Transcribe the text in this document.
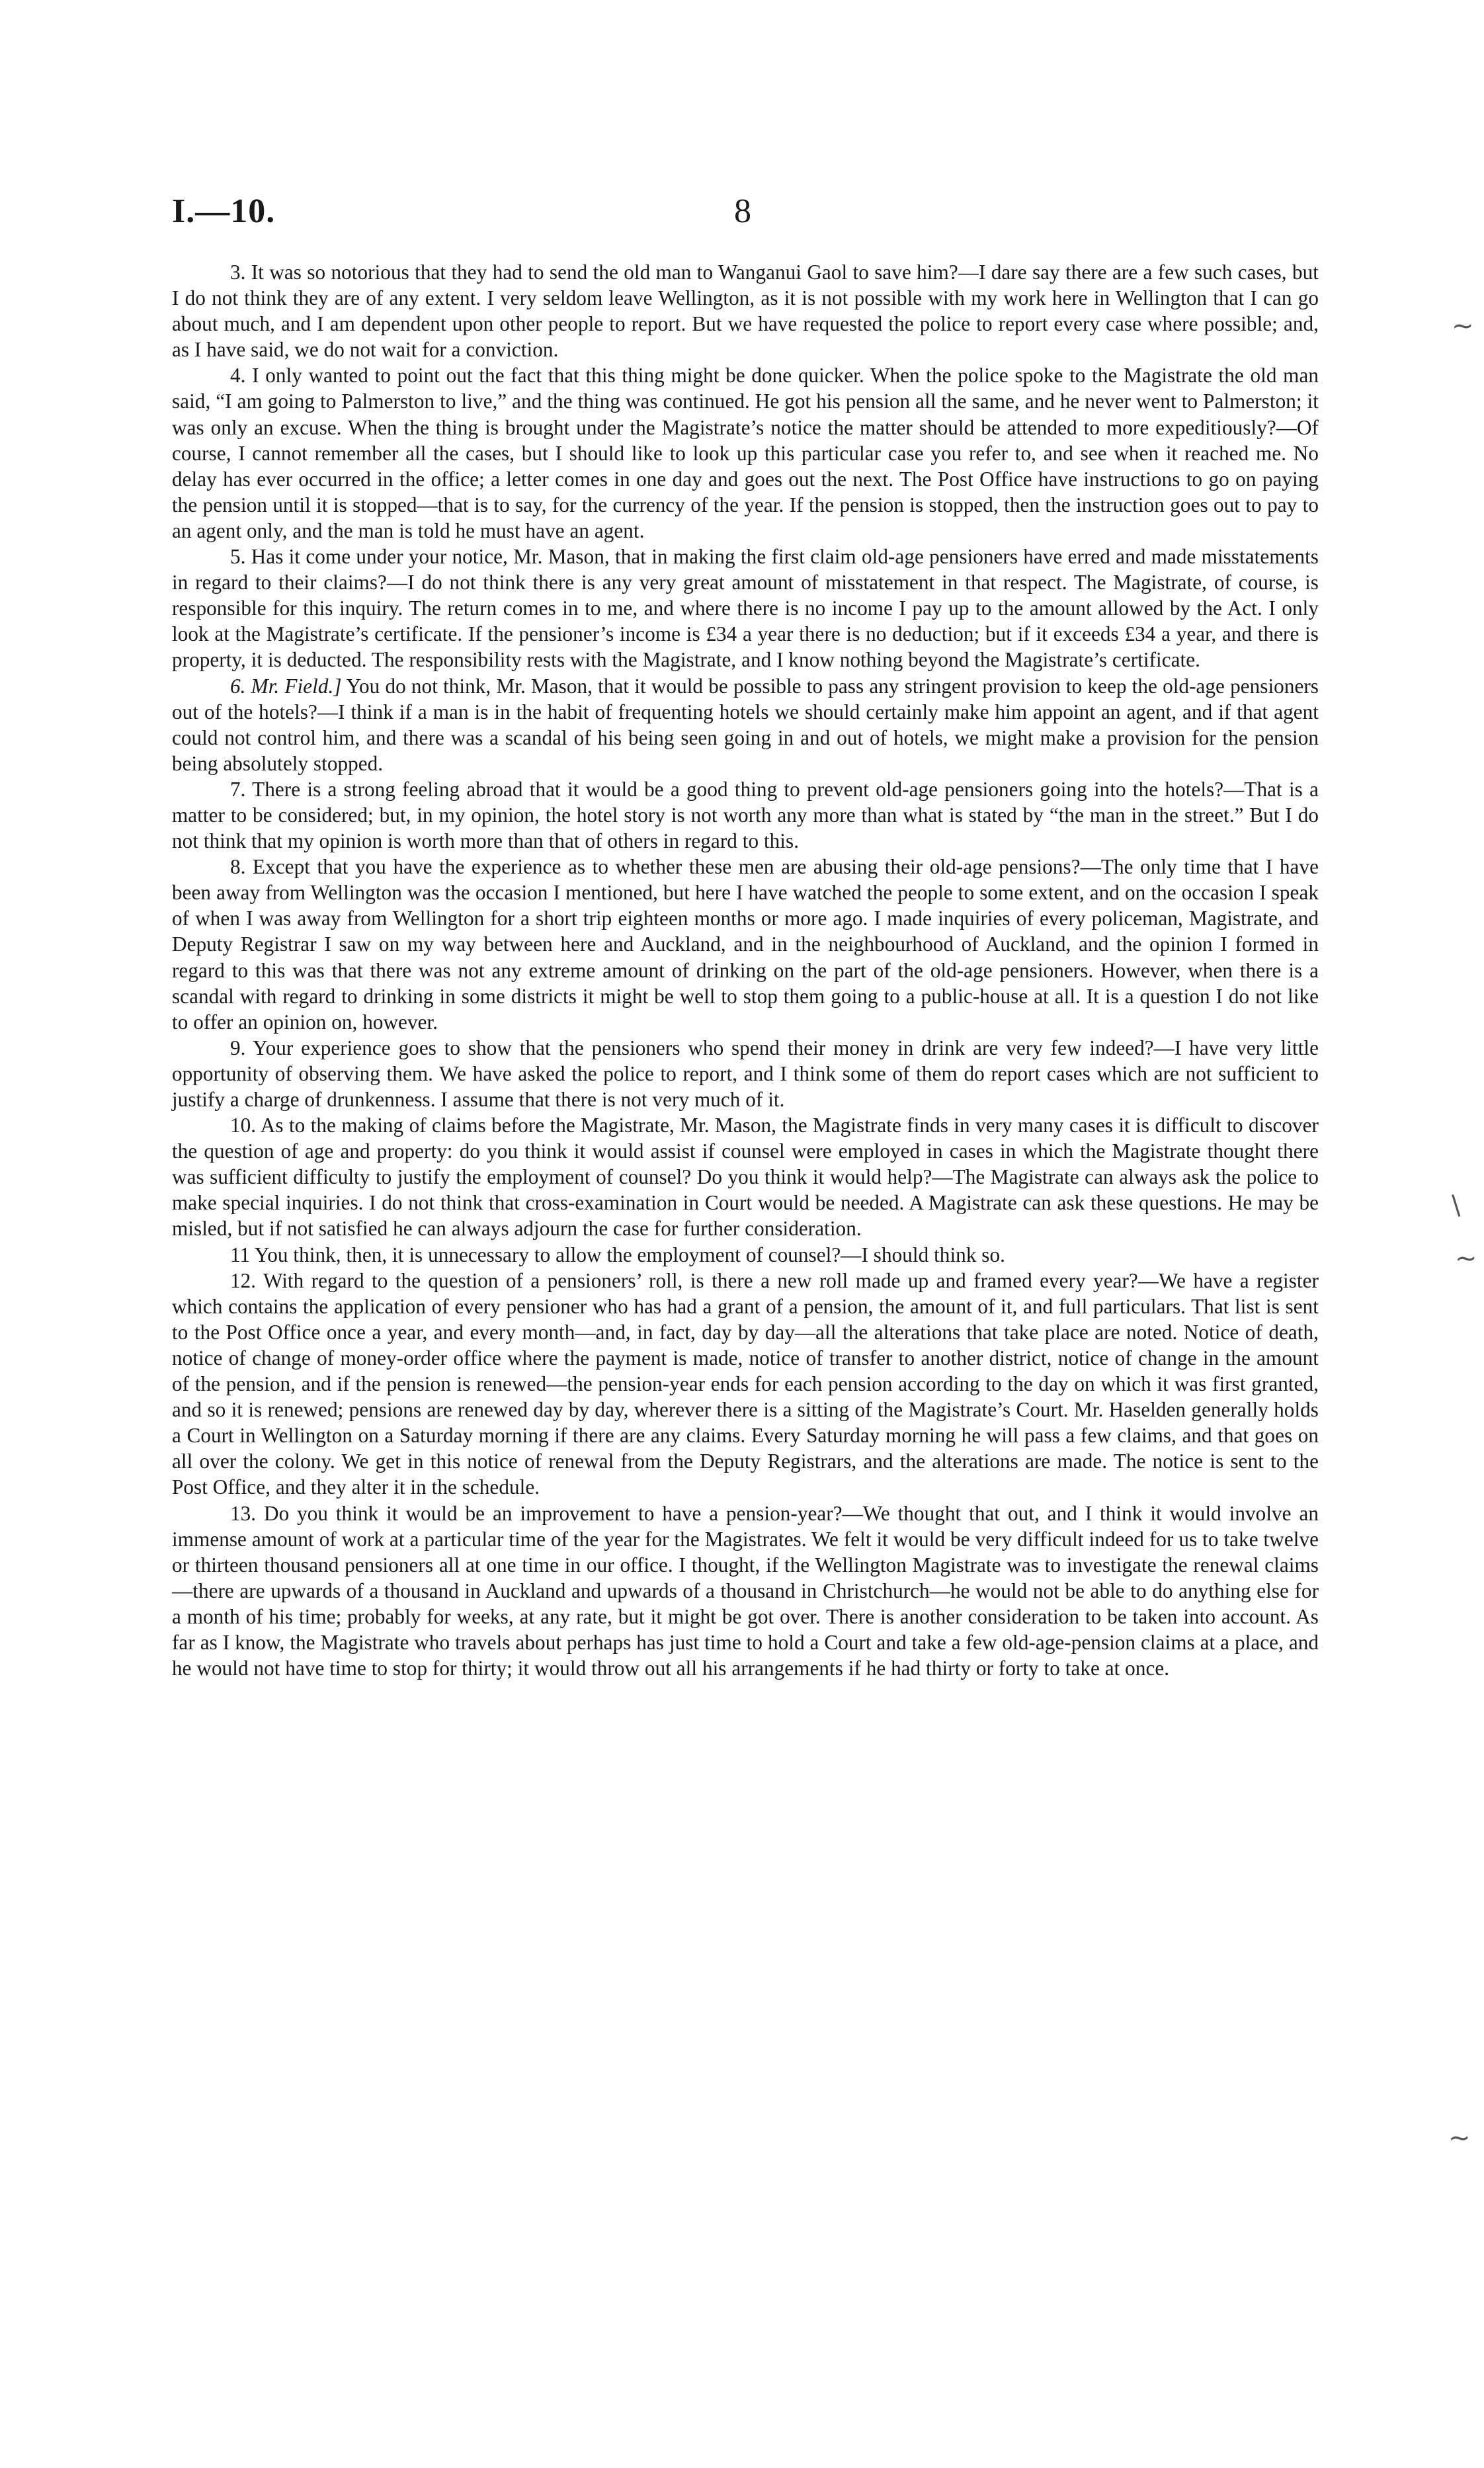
I.—10.	8

3. It was so notorious that they had to send the old man to Wanganui Gaol to save him?—I dare say there are a few such cases, but I do not think they are of any extent. I very seldom leave Wellington, as it is not possible with my work here in Wellington that I can go about much, and I am dependent upon other people to report. But we have requested the police to report every case where possible; and, as I have said, we do not wait for a conviction.

4. I only wanted to point out the fact that this thing might be done quicker. When the police spoke to the Magistrate the old man said, “I am going to Palmerston to live,” and the thing was continued. He got his pension all the same, and he never went to Palmerston; it was only an excuse. When the thing is brought under the Magistrate’s notice the matter should be attended to more expeditiously?—Of course, I cannot remember all the cases, but I should like to look up this particular case you refer to, and see when it reached me. No delay has ever occurred in the office; a letter comes in one day and goes out the next. The Post Office have instructions to go on paying the pension until it is stopped—that is to say, for the currency of the year. If the pension is stopped, then the instruction goes out to pay to an agent only, and the man is told he must have an agent.

5. Has it come under your notice, Mr. Mason, that in making the first claim old-age pensioners have erred and made misstatements in regard to their claims?—I do not think there is any very great amount of misstatement in that respect. The Magistrate, of course, is responsible for this inquiry. The return comes in to me, and where there is no income I pay up to the amount allowed by the Act. I only look at the Magistrate’s certificate. If the pensioner’s income is £34 a year there is no deduction; but if it exceeds £34 a year, and there is property, it is deducted. The responsibility rests with the Magistrate, and I know nothing beyond the Magistrate’s certificate.

6. Mr. Field.] You do not think, Mr. Mason, that it would be possible to pass any stringent provision to keep the old-age pensioners out of the hotels?—I think if a man is in the habit of frequenting hotels we should certainly make him appoint an agent, and if that agent could not control him, and there was a scandal of his being seen going in and out of hotels, we might make a provision for the pension being absolutely stopped.

7. There is a strong feeling abroad that it would be a good thing to prevent old-age pensioners going into the hotels?—That is a matter to be considered; but, in my opinion, the hotel story is not worth any more than what is stated by “the man in the street.” But I do not think that my opinion is worth more than that of others in regard to this.

8. Except that you have the experience as to whether these men are abusing their old-age pensions?—The only time that I have been away from Wellington was the occasion I mentioned, but here I have watched the people to some extent, and on the occasion I speak of when I was away from Wellington for a short trip eighteen months or more ago. I made inquiries of every policeman, Magistrate, and Deputy Registrar I saw on my way between here and Auckland, and in the neighbourhood of Auckland, and the opinion I formed in regard to this was that there was not any extreme amount of drinking on the part of the old-age pensioners. However, when there is a scandal with regard to drinking in some districts it might be well to stop them going to a public-house at all. It is a question I do not like to offer an opinion on, however.

9. Your experience goes to show that the pensioners who spend their money in drink are very few indeed?—I have very little opportunity of observing them. We have asked the police to report, and I think some of them do report cases which are not sufficient to justify a charge of drunkenness. I assume that there is not very much of it.

10. As to the making of claims before the Magistrate, Mr. Mason, the Magistrate finds in very many cases it is difficult to discover the question of age and property: do you think it would assist if counsel were employed in cases in which the Magistrate thought there was sufficient difficulty to justify the employment of counsel? Do you think it would help?—The Magistrate can always ask the police to make special inquiries. I do not think that cross-examination in Court would be needed. A Magistrate can ask these questions. He may be misled, but if not satisfied he can always adjourn the case for further consideration.

11 You think, then, it is unnecessary to allow the employment of counsel?—I should think so.

12. With regard to the question of a pensioners’ roll, is there a new roll made up and framed every year?—We have a register which contains the application of every pensioner who has had a grant of a pension, the amount of it, and full particulars. That list is sent to the Post Office once a year, and every month—and, in fact, day by day—all the alterations that take place are noted. Notice of death, notice of change of money-order office where the payment is made, notice of transfer to another district, notice of change in the amount of the pension, and if the pension is renewed—the pension-year ends for each pension according to the day on which it was first granted, and so it is renewed; pensions are renewed day by day, wherever there is a sitting of the Magistrate’s Court. Mr. Haselden generally holds a Court in Wellington on a Saturday morning if there are any claims. Every Saturday morning he will pass a few claims, and that goes on all over the colony. We get in this notice of renewal from the Deputy Registrars, and the alterations are made. The notice is sent to the Post Office, and they alter it in the schedule.

13. Do you think it would be an improvement to have a pension-year?—We thought that out, and I think it would involve an immense amount of work at a particular time of the year for the Magistrates. We felt it would be very difficult indeed for us to take twelve or thirteen thousand pensioners all at one time in our office. I thought, if the Wellington Magistrate was to investigate the renewal claims—there are upwards of a thousand in Auckland and upwards of a thousand in Christchurch—he would not be able to do anything else for a month of his time; probably for weeks, at any rate, but it might be got over. There is another consideration to be taken into account. As far as I know, the Magistrate who travels about perhaps has just time to hold a Court and take a few old-age-pension claims at a place, and he would not have time to stop for thirty; it would throw out all his arrangements if he had thirty or forty to take at once.

~
\
~
~
